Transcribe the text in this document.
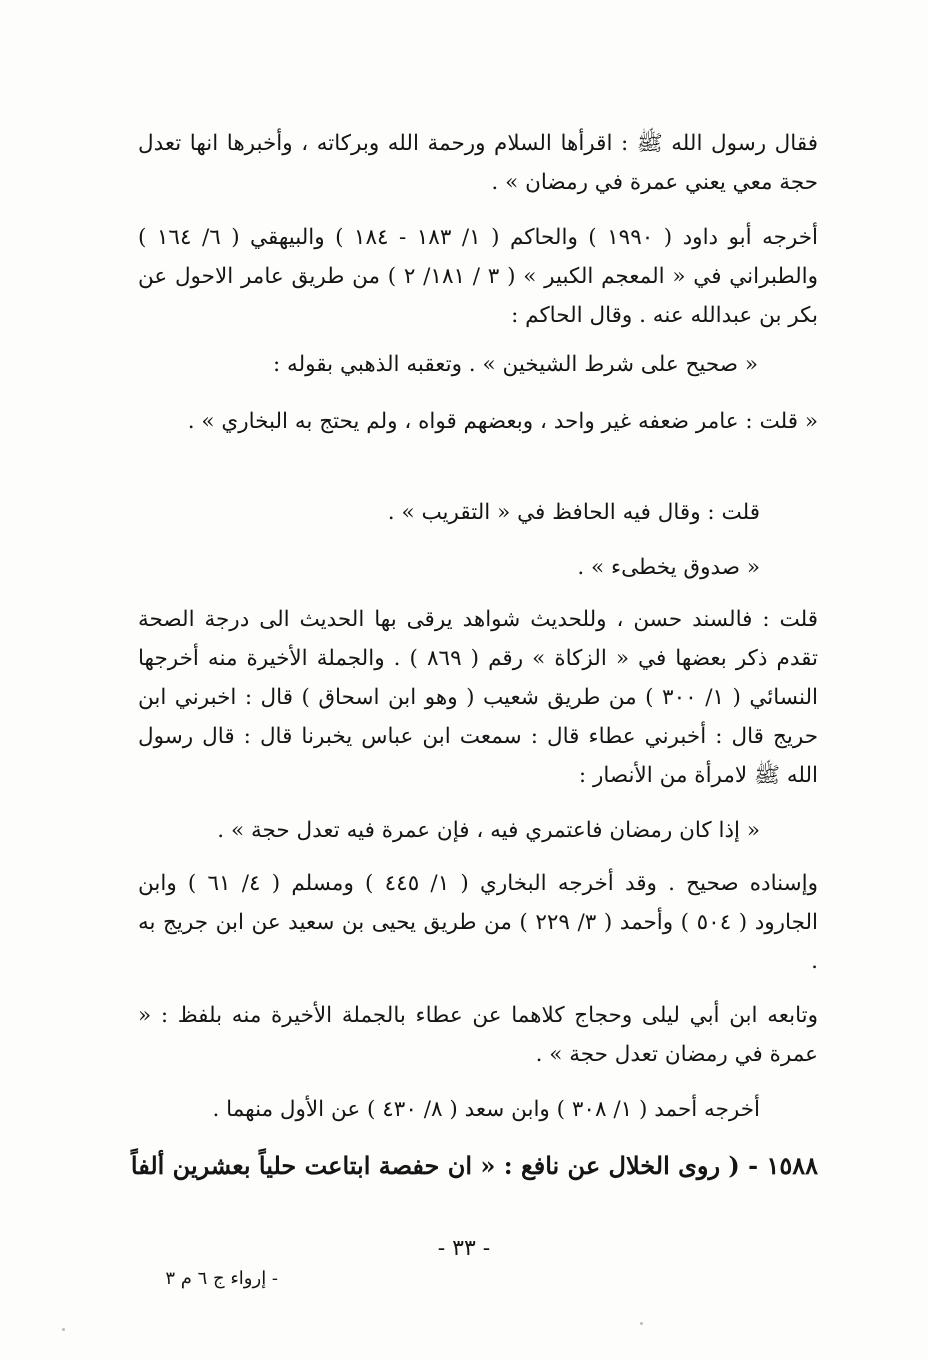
فقال رسول الله ﷺ : اقرأها السلام ورحمة الله وبركاته ، وأخبرها انها تعدل حجة معي يعني عمرة في رمضان » .
أخرجه أبو داود ( ١٩٩٠ ) والحاكم ( ١/ ١٨٣ - ١٨٤ ) والبيهقي ( ٦/ ١٦٤ ) والطبراني في « المعجم الكبير » ( ٣ / ١٨١/ ٢ ) من طريق عامر الاحول عن بكر بن عبدالله عنه . وقال الحاكم :
« صحيح على شرط الشيخين » . وتعقبه الذهبي بقوله :
« قلت : عامر ضعفه غير واحد ، وبعضهم قواه ، ولم يحتج به البخاري » .
قلت : وقال فيه الحافظ في « التقريب » .
« صدوق يخطىء » .
قلت : فالسند حسن ، وللحديث شواهد يرقى بها الحديث الى درجة الصحة تقدم ذكر بعضها في « الزكاة » رقم ( ٨٦٩ ) . والجملة الأخيرة منه أخرجها النسائي ( ١/ ٣٠٠ ) من طريق شعيب ( وهو ابن اسحاق ) قال : اخبرني ابن حريج قال : أخبرني عطاء قال : سمعت ابن عباس يخبرنا قال : قال رسول الله ﷺ لامرأة من الأنصار :
« إذا كان رمضان فاعتمري فيه ، فإن عمرة فيه تعدل حجة » .
وإسناده صحيح . وقد أخرجه البخاري ( ١/ ٤٤٥ ) ومسلم ( ٤/ ٦١ ) وابن الجارود ( ٥٠٤ ) وأحمد ( ٣/ ٢٢٩ ) من طريق يحيى بن سعيد عن ابن جريج به .
وتابعه ابن أبي ليلى وحجاج كلاهما عن عطاء بالجملة الأخيرة منه بلفظ : « عمرة في رمضان تعدل حجة » .
أخرجه أحمد ( ١/ ٣٠٨ ) وابن سعد ( ٨/ ٤٣٠ ) عن الأول منهما .
١٥٨٨ - ( روى الخلال عن نافع : « ان حفصة ابتاعت حلياً بعشرين ألفاً
- ٣٣ -
- إرواء ج ٦ م ٣
